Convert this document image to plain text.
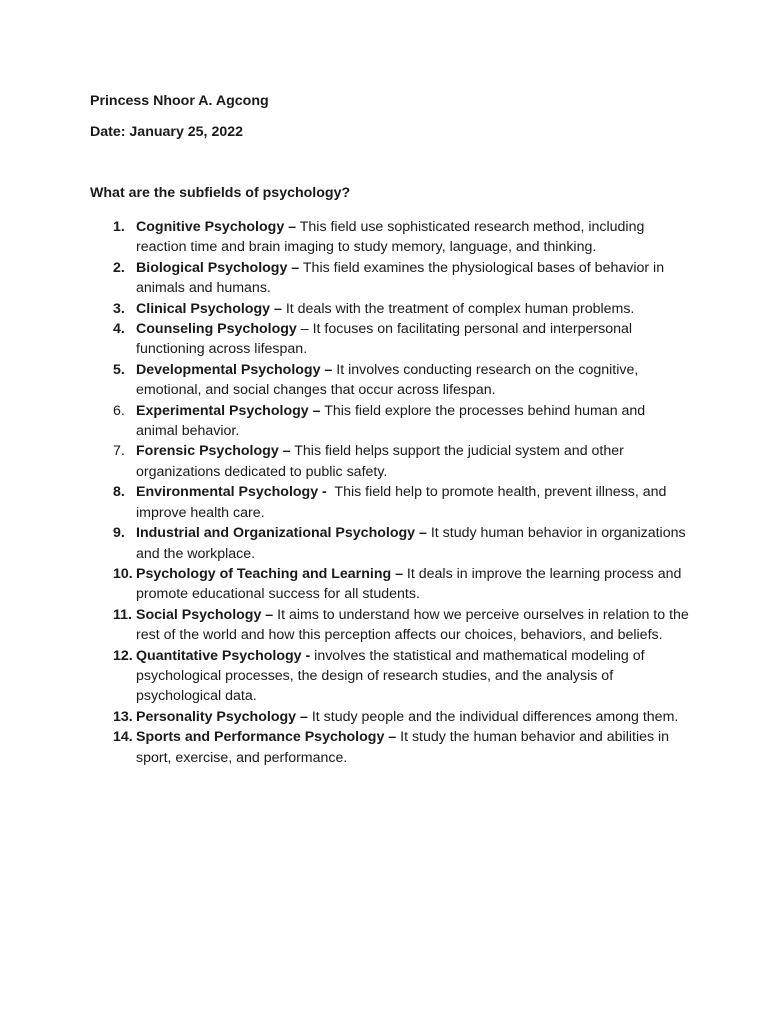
Princess Nhoor A. Agcong
Date: January 25, 2022
What are the subfields of psychology?
1. Cognitive Psychology – This field use sophisticated research method, including reaction time and brain imaging to study memory, language, and thinking.
2. Biological Psychology – This field examines the physiological bases of behavior in animals and humans.
3. Clinical Psychology – It deals with the treatment of complex human problems.
4. Counseling Psychology – It focuses on facilitating personal and interpersonal functioning across lifespan.
5. Developmental Psychology – It involves conducting research on the cognitive, emotional, and social changes that occur across lifespan.
6. Experimental Psychology – This field explore the processes behind human and animal behavior.
7. Forensic Psychology – This field helps support the judicial system and other organizations dedicated to public safety.
8. Environmental Psychology -  This field help to promote health, prevent illness, and improve health care.
9. Industrial and Organizational Psychology – It study human behavior in organizations and the workplace.
10. Psychology of Teaching and Learning – It deals in improve the learning process and promote educational success for all students.
11. Social Psychology – It aims to understand how we perceive ourselves in relation to the rest of the world and how this perception affects our choices, behaviors, and beliefs.
12. Quantitative Psychology - involves the statistical and mathematical modeling of psychological processes, the design of research studies, and the analysis of psychological data.
13. Personality Psychology – It study people and the individual differences among them.
14. Sports and Performance Psychology – It study the human behavior and abilities in sport, exercise, and performance.
